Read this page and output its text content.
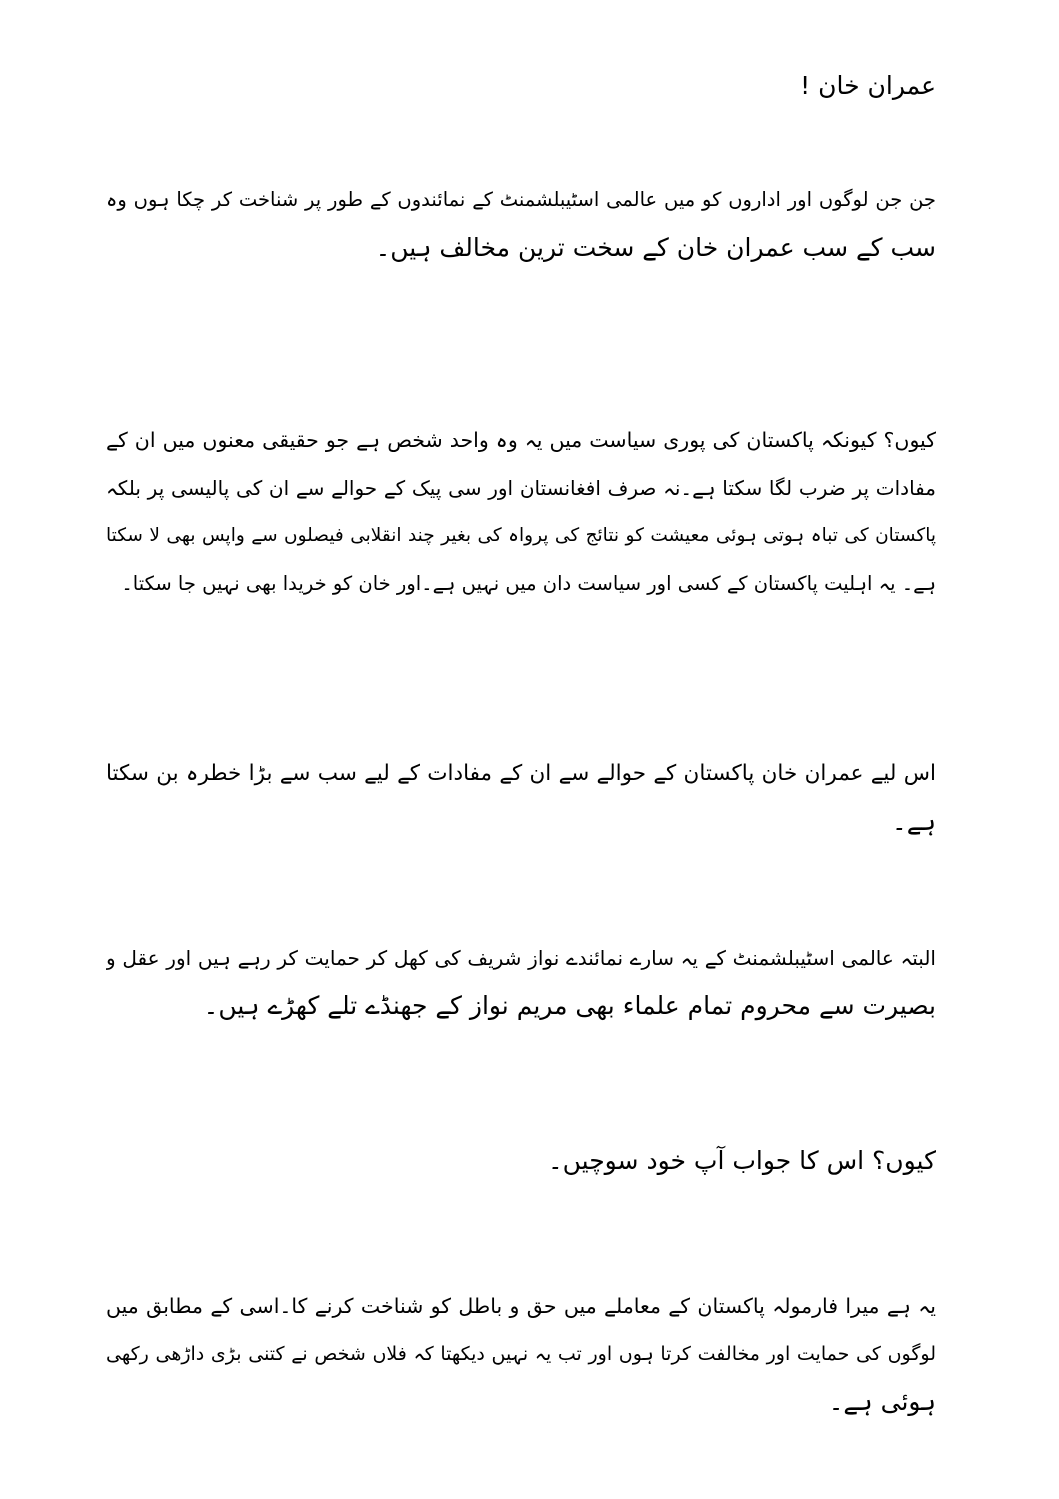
عمران خان !
جن جن لوگوں اور اداروں کو میں عالمی اسٹیبلشمنٹ کے نمائندوں کے طور پر شناخت کر چکا ہوں وہ
سب کے سب عمران خان کے سخت ترین مخالف ہیں۔
کیوں؟ کیونکہ پاکستان کی پوری سیاست میں یہ وہ واحد شخص ہے جو حقیقی معنوں میں ان کے
مفادات پر ضرب لگا سکتا ہے۔نہ صرف افغانستان اور سی پیک کے حوالے سے ان کی پالیسی پر بلکہ
پاکستان کی تباہ ہوتی ہوئی معیشت کو نتائج کی پرواہ کی بغیر چند انقلابی فیصلوں سے واپس بھی لا سکتا
ہے۔ یہ اہلیت پاکستان کے کسی اور سیاست دان میں نہیں ہے۔اور خان کو خریدا بھی نہیں جا سکتا۔
اس لیے عمران خان پاکستان کے حوالے سے ان کے مفادات کے لیے سب سے بڑا خطرہ بن سکتا
ہے۔
البتہ عالمی اسٹیبلشمنٹ کے یہ سارے نمائندے نواز شریف کی کھل کر حمایت کر رہے ہیں اور عقل و
بصیرت سے محروم تمام علماء بھی مریم نواز کے جھنڈے تلے کھڑے ہیں۔
کیوں؟ اس کا جواب آپ خود سوچیں۔
یہ ہے میرا فارمولہ پاکستان کے معاملے میں حق و باطل کو شناخت کرنے کا۔اسی کے مطابق میں
لوگوں کی حمایت اور مخالفت کرتا ہوں اور تب یہ نہیں دیکھتا کہ فلاں شخص نے کتنی بڑی داڑھی رکھی
ہوئی ہے۔
